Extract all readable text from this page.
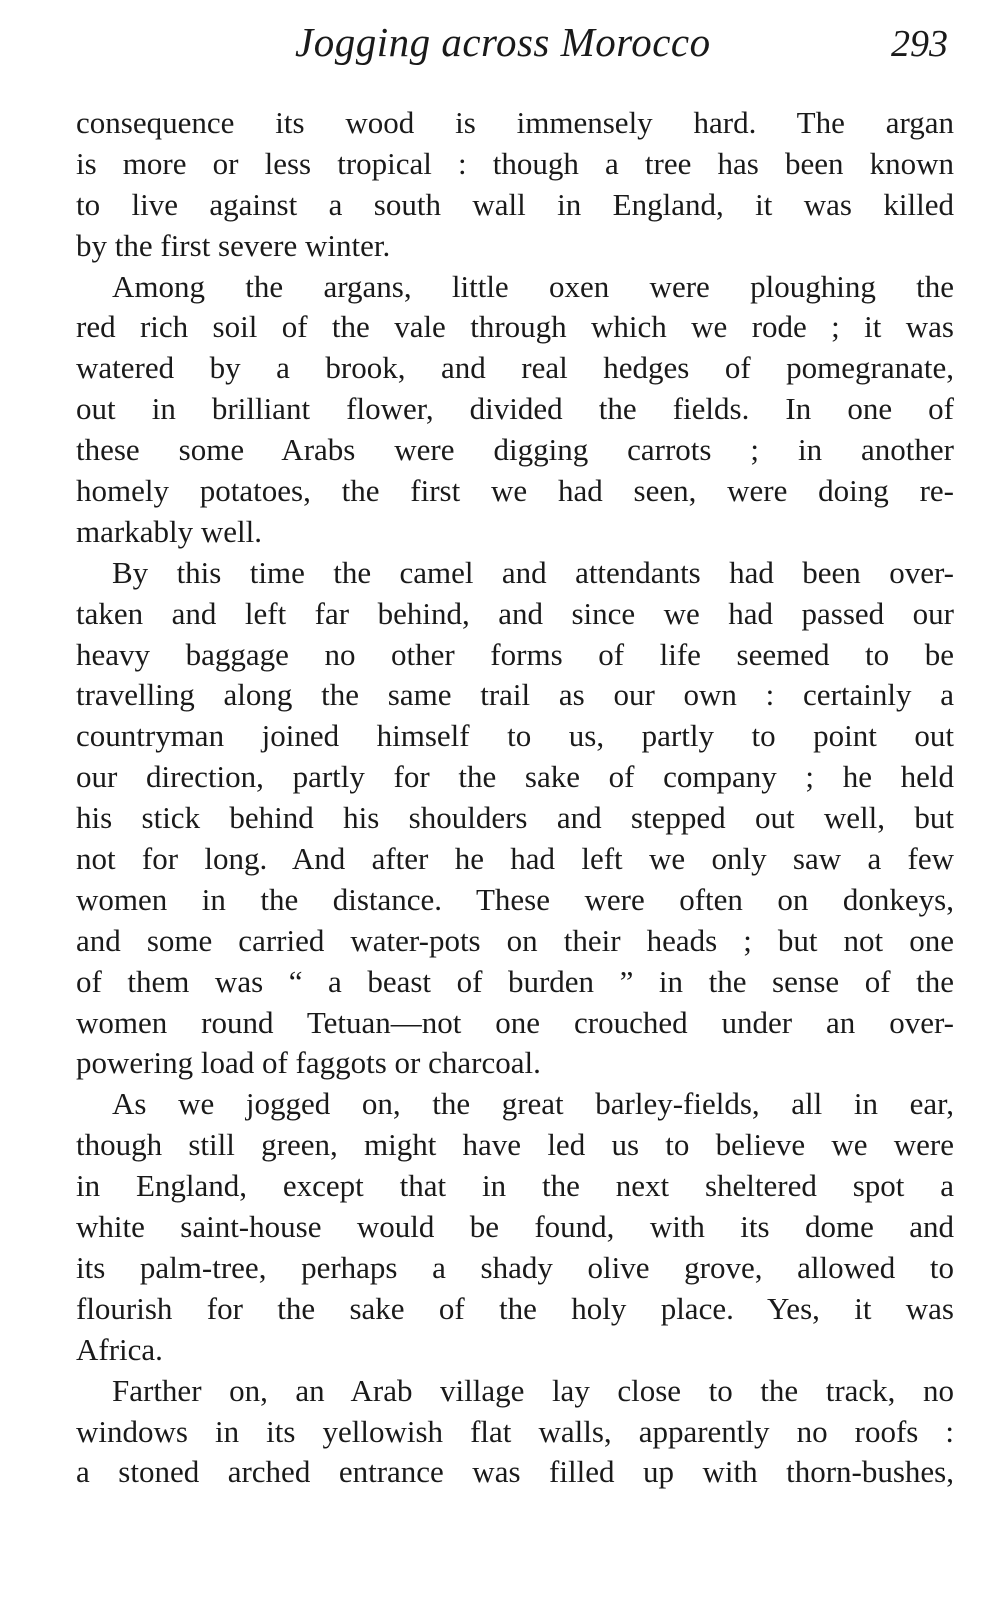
Jogging across Morocco	293
consequence its wood is immensely hard. The argan
is more or less tropical : though a tree has been known
to live against a south wall in England, it was killed
by the first severe winter.
Among the argans, little oxen were ploughing the
red rich soil of the vale through which we rode ; it was
watered by a brook, and real hedges of pomegranate,
out in brilliant flower, divided the fields. In one of
these some Arabs were digging carrots ; in another
homely potatoes, the first we had seen, were doing re-
markably well.
By this time the camel and attendants had been over-
taken and left far behind, and since we had passed our
heavy baggage no other forms of life seemed to be
travelling along the same trail as our own : certainly a
countryman joined himself to us, partly to point out
our direction, partly for the sake of company ; he held
his stick behind his shoulders and stepped out well, but
not for long. And after he had left we only saw a few
women in the distance. These were often on donkeys,
and some carried water-pots on their heads ; but not one
of them was “ a beast of burden ” in the sense of the
women round Tetuan—not one crouched under an over-
powering load of faggots or charcoal.
As we jogged on, the great barley-fields, all in ear,
though still green, might have led us to believe we were
in England, except that in the next sheltered spot a
white saint-house would be found, with its dome and
its palm-tree, perhaps a shady olive grove, allowed to
flourish for the sake of the holy place. Yes, it was
Africa.
Farther on, an Arab village lay close to the track, no
windows in its yellowish flat walls, apparently no roofs :
a stoned arched entrance was filled up with thorn-bushes,
